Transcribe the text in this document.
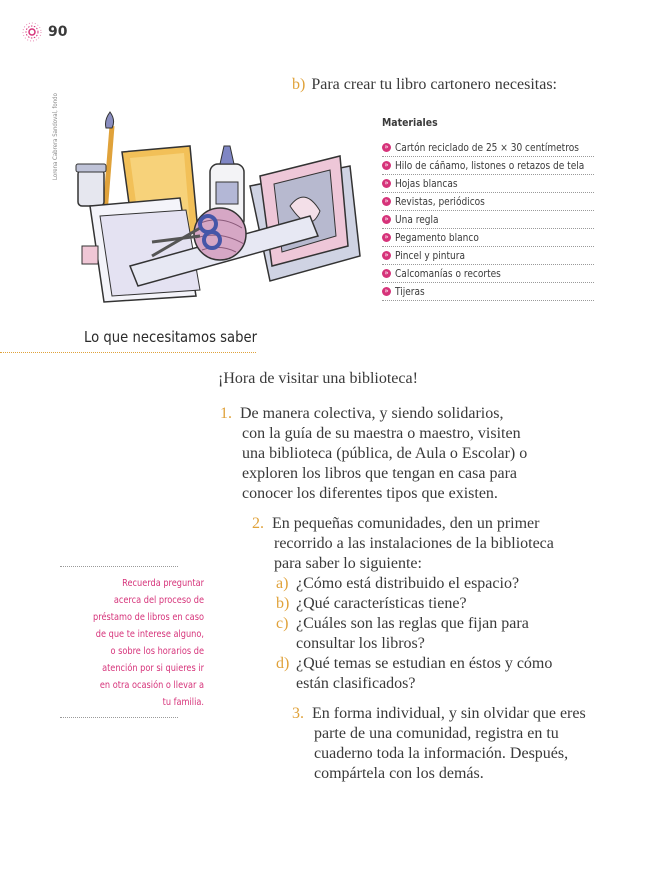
90
b) Para crear tu libro cartonero necesitas:
Lorena Cabrera Sandoval, fondo	Materiales
» Cartón reciclado de 25 × 30 centímetros
» Hilo de cáñamo, listones o retazos de tela
» Hojas blancas
» Revistas, periódicos
» Una regla
» Pegamento blanco
» Pincel y pintura
» Calcomanías o recortes
» Tijeras
Lo que necesitamos saber
¡Hora de visitar una biblioteca!
1. De manera colectiva, y siendo solidarios,
con la guía de su maestra o maestro, visiten
una biblioteca (pública, de Aula o Escolar) o
exploren los libros que tengan en casa para
conocer los diferentes tipos que existen.
2. En pequeñas comunidades, den un primer
recorrido a las instalaciones de la biblioteca
para saber lo siguiente:
a) ¿Cómo está distribuido el espacio?
b) ¿Qué características tiene?
c) ¿Cuáles son las reglas que fijan para
consultar los libros?
d) ¿Qué temas se estudian en éstos y cómo
están clasificados?
3. En forma individual, y sin olvidar que eres
parte de una comunidad, registra en tu
cuaderno toda la información. Después,
compártela con los demás.
Recuerda preguntar
acerca del proceso de
préstamo de libros en caso
de que te interese alguno,
o sobre los horarios de
atención por si quieres ir
en otra ocasión o llevar a
tu familia.
